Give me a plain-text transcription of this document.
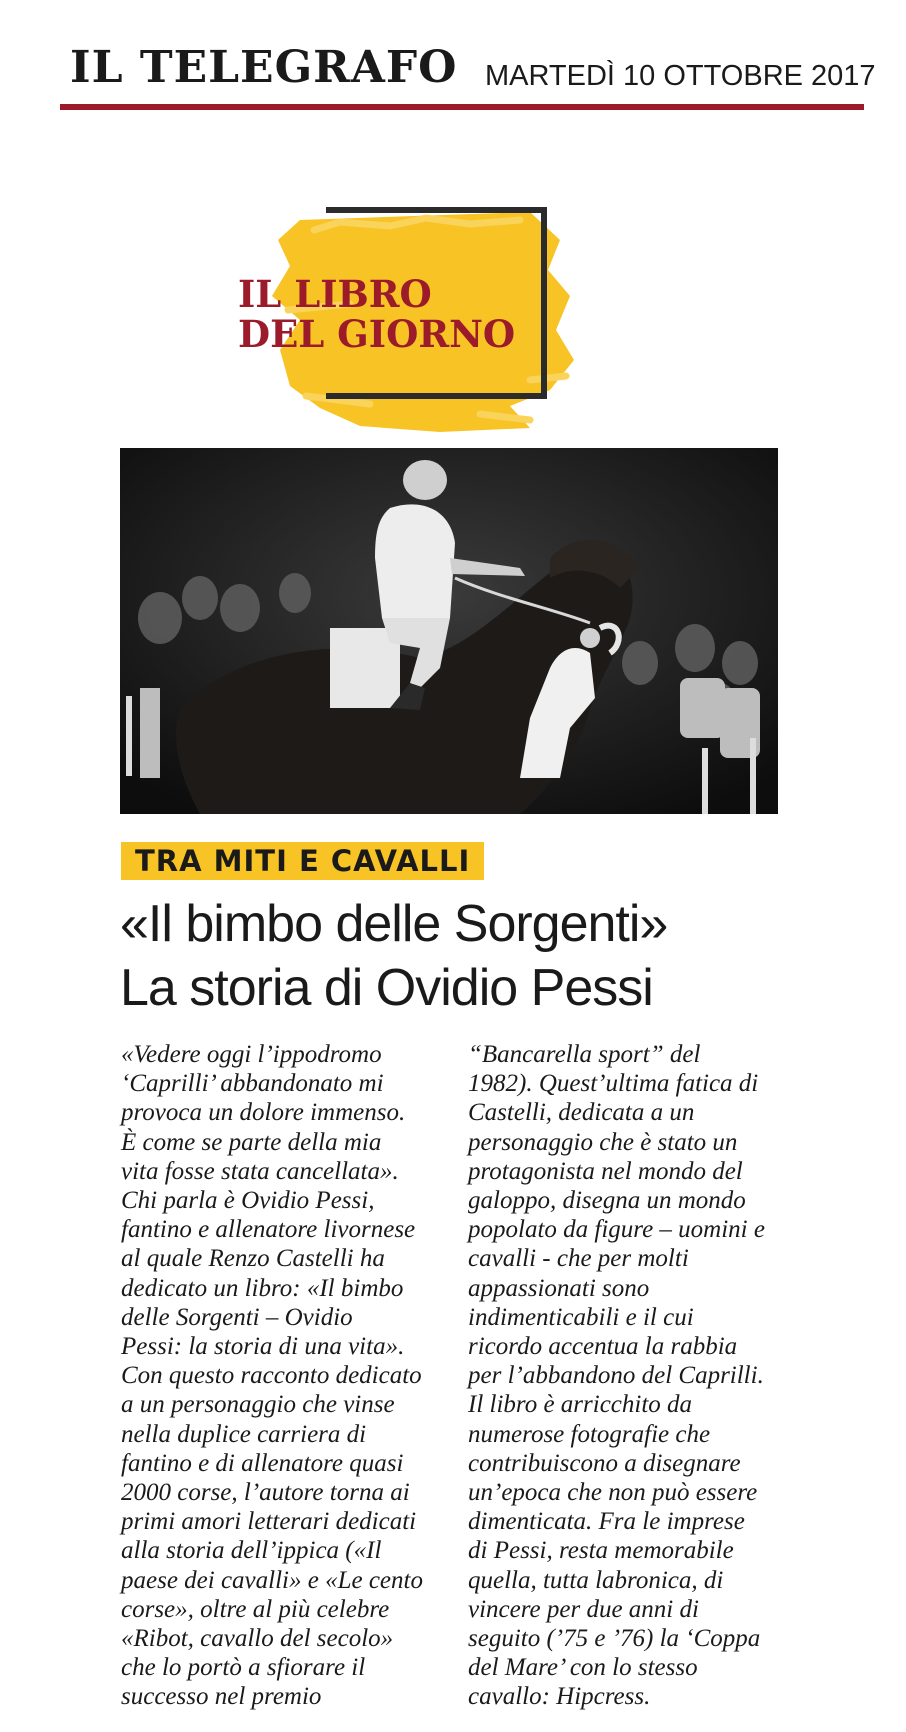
IL TELEGRAFO MARTEDÌ 10 OTTOBRE 2017
IL LIBRO
DEL GIORNO
TRA MITI E CAVALLI
«Il bimbo delle Sorgenti»
La storia di Ovidio Pessi
«Vedere oggi l’ippodromo
‘Caprilli’ abbandonato mi
provoca un dolore immenso.
È come se parte della mia
vita fosse stata cancellata».
Chi parla è Ovidio Pessi,
fantino e allenatore livornese
al quale Renzo Castelli ha
dedicato un libro: «Il bimbo
delle Sorgenti – Ovidio
Pessi: la storia di una vita».
Con questo racconto dedicato
a un personaggio che vinse
nella duplice carriera di
fantino e di allenatore quasi
2000 corse, l’autore torna ai
primi amori letterari dedicati
alla storia dell’ippica («Il
paese dei cavalli» e «Le cento
corse», oltre al più celebre
«Ribot, cavallo del secolo»
che lo portò a sfiorare il
successo nel premio
“Bancarella sport” del
1982). Quest’ultima fatica di
Castelli, dedicata a un
personaggio che è stato un
protagonista nel mondo del
galoppo, disegna un mondo
popolato da figure – uomini e
cavalli - che per molti
appassionati sono
indimenticabili e il cui
ricordo accentua la rabbia
per l’abbandono del Caprilli.
Il libro è arricchito da
numerose fotografie che
contribuiscono a disegnare
un’epoca che non può essere
dimenticata. Fra le imprese
di Pessi, resta memorabile
quella, tutta labronica, di
vincere per due anni di
seguito (’75 e ’76) la ‘Coppa
del Mare’ con lo stesso
cavallo: Hipcress.
